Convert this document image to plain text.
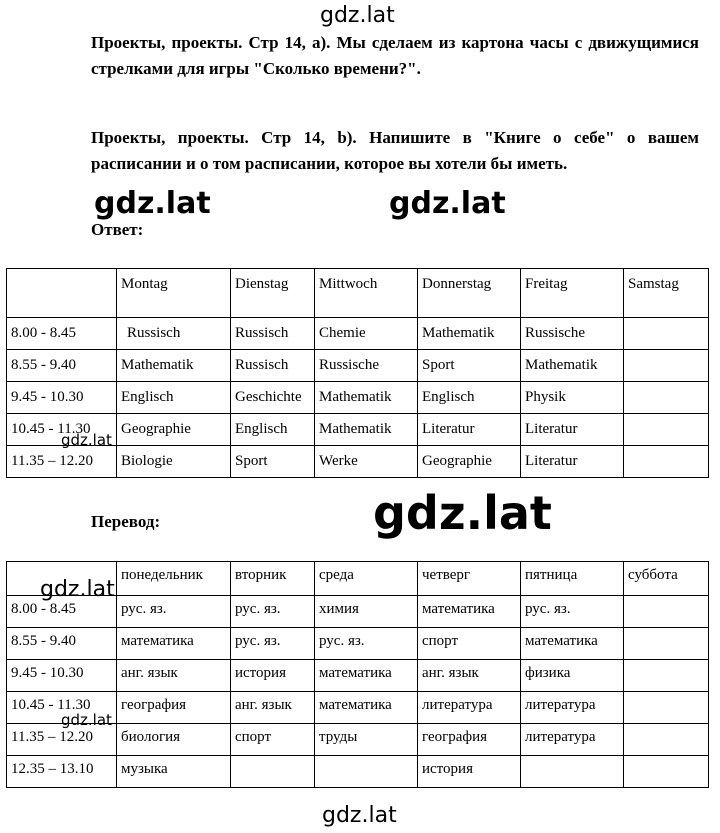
gdz.lat
gdz.lat	gdz.lat
gdz.lat
gdz.lat
gdz.lat
gdz.lat
gdz.lat
Проекты, проекты. Стр 14, а). Мы сделаем из картона часы с движущимися стрелками для игры "Сколько времени?".
Проекты, проекты. Стр 14, b). Напишите в "Книге о себе" о вашем расписании и о том расписании, которое вы хотели бы иметь.
Ответ:
Перевод:
	Montag	Dienstag	Mittwoch	Donnerstag	Freitag	Samstag
8.00 - 8.45	Russisch	Russisch	Chemie	Mathematik	Russische	
8.55 - 9.40	Mathematik	Russisch	Russische	Sport	Mathematik	
9.45 - 10.30	Englisch	Geschichte	Mathematik	Englisch	Physik	
10.45 - 11.30	Geographie	Englisch	Mathematik	Literatur	Literatur	
11.35 – 12.20	Biologie	Sport	Werke	Geographie	Literatur	
	понедельник	вторник	среда	четверг	пятница	суббота
8.00 - 8.45	рус. яз.	рус. яз.	химия	математика	рус. яз.	
8.55 - 9.40	математика	рус. яз.	рус. яз.	спорт	математика	
9.45 - 10.30	анг. язык	история	математика	анг. язык	физика	
10.45 - 11.30	география	анг. язык	математика	литература	литература	
11.35 – 12.20	биология	спорт	труды	география	литература	
12.35 – 13.10	музыка			история		
